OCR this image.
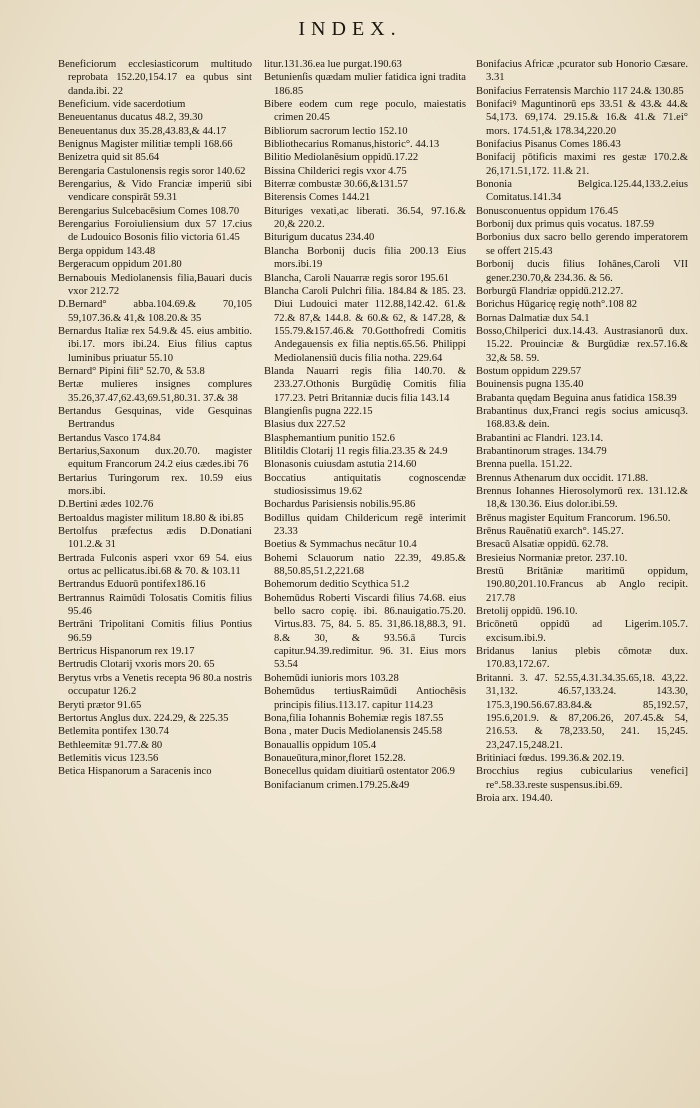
INDEX.

Beneficiorum ecclesiasticorum multitudo reprobata 152.20,154.17 ea qubus sint danda.ibi. 22

Beneficium. vide sacerdotium

Beneuentanus ducatus 48.2, 39.30

Beneuentanus dux 35.28,43.83,& 44.17

Benignus Magister militiæ templi 168.66

Benizetra quid sit 85.64

Berengaria Castulonensis regis soror 140.62

Berengarius, & Vido Franciæ imperiū sibi vendicare conspirāt 59.31

Berengarius Sulcebacēsium Comes 108.70

Berengarius Foroiuliensium dux 57 17.cius de Ludouico Bosonis filio victoria 61.45

Berga oppidum 143.48

Bergeracum oppidum 201.80

Bernabouis Mediolanensis filia,Bauari ducis vxor 212.72

D.Bernard° abba.104.69.& 70,105 59,107.36.& 41,& 108.20.& 35

Bernardus Italiæ rex 54.9.& 45. eius ambitio. ibi.17. mors ibi.24. Eius filius captus luminibus priuatur 55.10

Bernard° Pipini fili° 52.70, & 53.8

Bertæ mulieres insignes complures 35.26,37.47,62.43,69.51,80.31. 37.& 38

Bertandus Gesquinas, vide Gesquinas Bertrandus

Bertandus Vasco 174.84

Bertarius,Saxonum dux.20.70. magister equitum Francorum 24.2 eius cædes.ibi 76

Bertarius Turingorum rex. 10.59 eius mors.ibi.

D.Bertini ædes 102.76

Bertoaldus magister militum 18.80 & ibi.85

Bertolfus præfectus ædis D.Donatiani 101.2.& 31

Bertrada Fulconis asperi vxor 69 54. eius ortus ac pellicatus.ibi.68 & 70. & 103.11

Bertrandus Eduorū pontifex186.16

Bertrannus Raimūdi Tolosatis Comitis filius 95.46

Bertrāni Tripolitani Comitis filius Pontius 96.59

Bertricus Hispanorum rex 19.17

Bertrudis Clotarij vxoris mors 20. 65

Berytus vrbs a Venetis recepta 96 80.a nostris occupatur 126.2

Beryti prætor 91.65

Bertortus Anglus dux. 224.29, & 225.35

Betlemita pontifex 130.74

Bethleemitæ 91.77.& 80

Betlemitis vicus 123.56

Betica Hispanorum a Saracenis inco

litur.131.36.ea lue purgat.190.63

Betunienſis quædam mulier fatidica igni tradita 186.85

Bibere eodem cum rege poculo, maiestatis crimen 20.45

Bibliorum sacrorum lectio 152.10

Bibliothecarius Romanus,historic°. 44.13

Bilitio Mediolanēsium oppidū.17.22

Bissina Childerici regis vxor 4.75

Biterræ combustæ 30.66,&131.57

Biterensis Comes 144.21

Bituriges vexati,ac liberati. 36.54, 97.16.& 20,& 220.2.

Biturigum ducatus 234.40

Blancha Borbonij ducis filia 200.13 Eius mors.ibi.19

Blancha, Caroli Nauarræ regis soror 195.61

Blancha Caroli Pulchri filia. 184.84 & 185. 23. Diui Ludouici mater 112.88,142.42. 61.& 72.& 87,& 144.8. & 60.& 62, & 147.28, & 155.79.&157.46.& 70.Gotthofredi Comitis Andegauensis ex filia neptis.65.56. Philippi Mediolanensiū ducis filia notha. 229.64

Blanda Nauarri regis filia 140.70. & 233.27.Othonis Burgūdię Comitis filia 177.23. Petri Britanniæ ducis filia 143.14

Blangienſis pugna 222.15

Blasius dux 227.52

Blasphemantium punitio 152.6

Blitildis Clotarij 11 regis filia.23.35 & 24.9

Blonasonis cuiusdam astutia 214.60

Boccatius antiquitatis cognoscendæ studiosissimus 19.62

Bochardus Parisiensis nobilis.95.86

Bodillus quidam Childericum regē interimit 23.33

Boetius & Symmachus necātur 10.4

Bohemi Sclauorum natio 22.39, 49.85.& 88,50.85,51.2,221.68

Bohemorum deditio Scythica 51.2

Bohemūdus Roberti Viscardi filius 74.68. eius bello sacro copię. ibi. 86.nauigatio.75.20. Virtus.83. 75, 84. 5. 85. 31,86.18,88.3, 91. 8.& 30, & 93.56.ā Turcis capitur.94.39.redimitur. 96. 31. Eius mors 53.54

Bohemūdi iunioris mors 103.28

Bohemūdus tertiusRaimūdi Antiochēsis principis filius.113.17. capitur 114.23

Bona,filia Iohannis Bohemiæ regis 187.55

Bona , mater Ducis Mediolanensis 245.58

Bonauallis oppidum 105.4

Bonaueūtura,minor,floret 152.28.

Bonecellus quidam diuitiarū ostentator 206.9

Bonifacianum crimen.179.25.&49

Bonifacius Africæ ,pcurator sub Honorio Cæsare. 3.31

Bonifacius Ferratensis Marchio 117 24.& 130.85

Bonifaciꝰ Maguntinorū eps 33.51 & 43.& 44.& 54,173. 69,174. 29.15.& 16.& 41.& 71.ei° mors. 174.51,& 178.34,220.20

Bonifacius Pisanus Comes 186.43

Bonifacij pōtificis maximi res gestæ 170.2.& 26,171.51,172. 11.& 21.

Bononia Belgica.125.44,133.2.eius Comitatus.141.34

Bonusconuentus oppidum 176.45

Borbonij dux primus quis vocatus. 187.59

Borbonius dux sacro bello gerendo imperatorem se offert 215.43

Borbonij ducis filius Iohānes,Caroli VII gener.230.70,& 234.36. & 56.

Borburgū Flandriæ oppidū.212.27.

Borichus Hūgaricę regię noth°.108 82

Bornas Dalmatiæ dux 54.1

Bosso,Chilperici dux.14.43. Austrasianorū dux. 15.22. Prouinciæ & Burgūdiæ rex.57.16.& 32,& 58. 59.

Bostum oppidum 229.57

Bouinensis pugna 135.40

Brabanta quędam Beguina anus fatidica 158.39

Brabantinus dux,Franci regis socius amicusq3. 168.83.& dein.

Brabantini ac Flandri. 123.14.

Brabantinorum strages. 134.79

Brenna puella. 151.22.

Brennus Athenarum dux occidit. 171.88.

Brennus Iohannes Hierosolymorū rex. 131.12.& 18,& 130.36. Eius dolor.ibi.59.

Brēnus magister Equitum Francorum. 196.50.

Brēnus Rauēnatiū exarch°. 145.27.

Bresacū Alsatiæ oppidū. 62.78.

Bresieius Normaniæ pretor. 237.10.

Brestū Britāniæ maritimū oppidum, 190.80,201.10.Francus ab Anglo recipit. 217.78

Bretolij oppidū. 196.10.

Bricōnetū oppidū ad Ligerim.105.7. excisum.ibi.9.

Bridanus lanius plebis cōmotæ dux. 170.83,172.67.

Britanni. 3. 47. 52.55,4.31.34.35.65,18. 43,22. 31,132. 46.57,133.24. 143.30, 175.3,190.56.67.83.84.& 85,192.57, 195.6,201.9. & 87,206.26, 207.45.& 54, 216.53. & 78,233.50, 241. 15,245. 23,247.15,248.21.

Britiniaci fœdus. 199.36.& 202.19.

Brocchius regius cubicularius venefici] re°.58.33.reste suspensus.ibi.69.

Broia arx. 194.40.
